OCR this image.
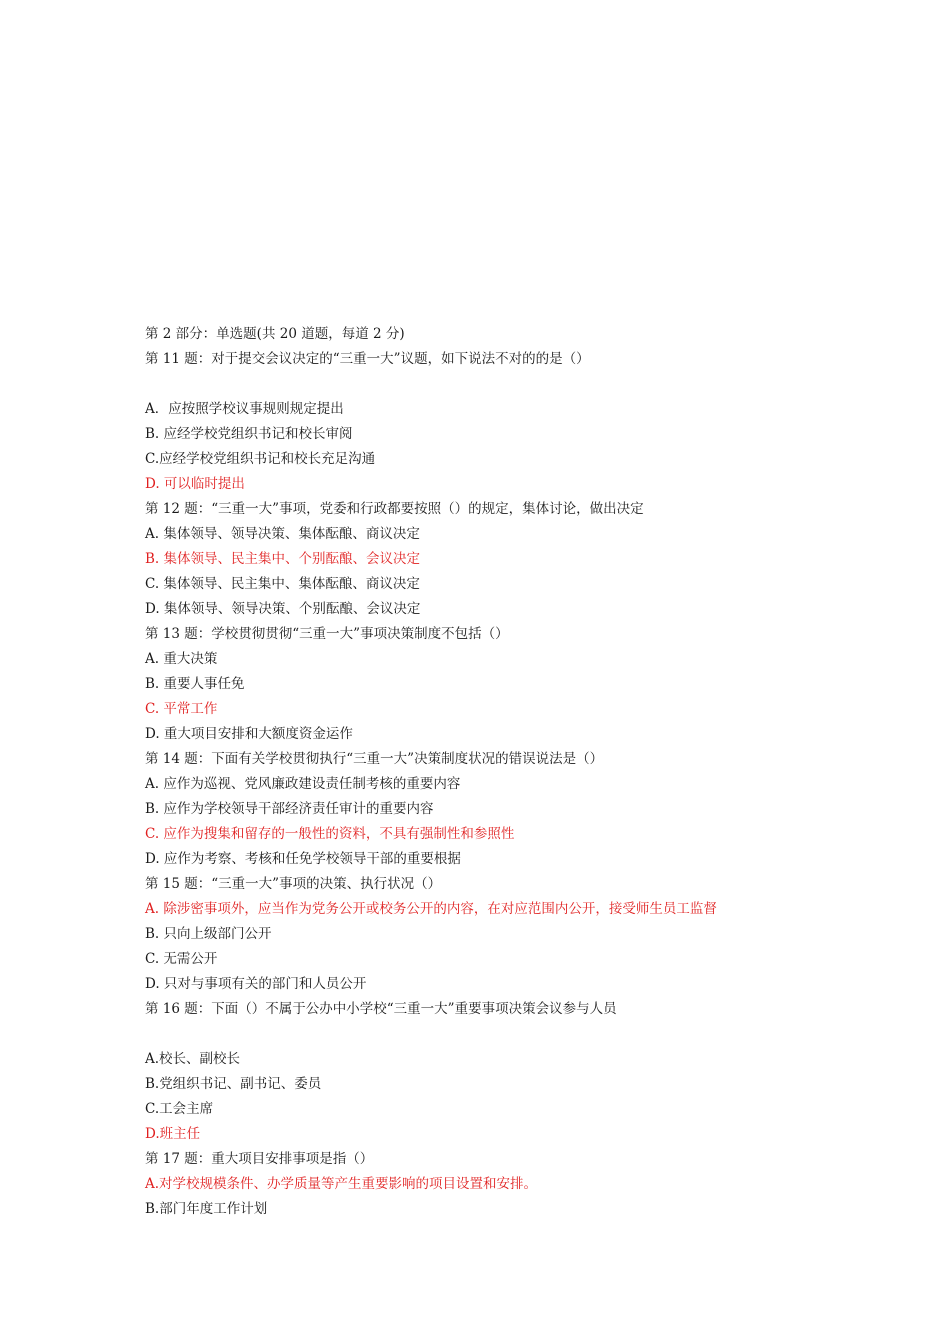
第 2 部分：单选题(共 20 道题，每道 2 分)
第 11 题：对于提交会议决定的“三重一大”议题，如下说法不对的的是（）
A．应按照学校议事规则规定提出
B. 应经学校党组织书记和校长审阅
C.应经学校党组织书记和校长充足沟通
D. 可以临时提出
第 12 题：“三重一大”事项，党委和行政都要按照（）的规定，集体讨论，做出决定
A. 集体领导、领导决策、集体酝酿、商议决定
B. 集体领导、民主集中、个别酝酿、会议决定
C. 集体领导、民主集中、集体酝酿、商议决定
D. 集体领导、领导决策、个别酝酿、会议决定
第 13 题：学校贯彻贯彻“三重一大”事项决策制度不包括（）
A. 重大决策
B. 重要人事任免
C. 平常工作
D. 重大项目安排和大额度资金运作
第 14 题：下面有关学校贯彻执行“三重一大”决策制度状况的错误说法是（）
A. 应作为巡视、党风廉政建设责任制考核的重要内容
B. 应作为学校领导干部经济责任审计的重要内容
C. 应作为搜集和留存的一般性的资料，不具有强制性和参照性
D. 应作为考察、考核和任免学校领导干部的重要根据
第 15 题：“三重一大”事项的决策、执行状况（）
A. 除涉密事项外，应当作为党务公开或校务公开的内容，在对应范围内公开，接受师生员工监督
B. 只向上级部门公开
C. 无需公开
D. 只对与事项有关的部门和人员公开
第 16 题：下面（）不属于公办中小学校“三重一大”重要事项决策会议参与人员
A.校长、副校长
B.党组织书记、副书记、委员
C.工会主席
D.班主任
第 17 题：重大项目安排事项是指（）
A.对学校规模条件、办学质量等产生重要影响的项目设置和安排。
B.部门年度工作计划
